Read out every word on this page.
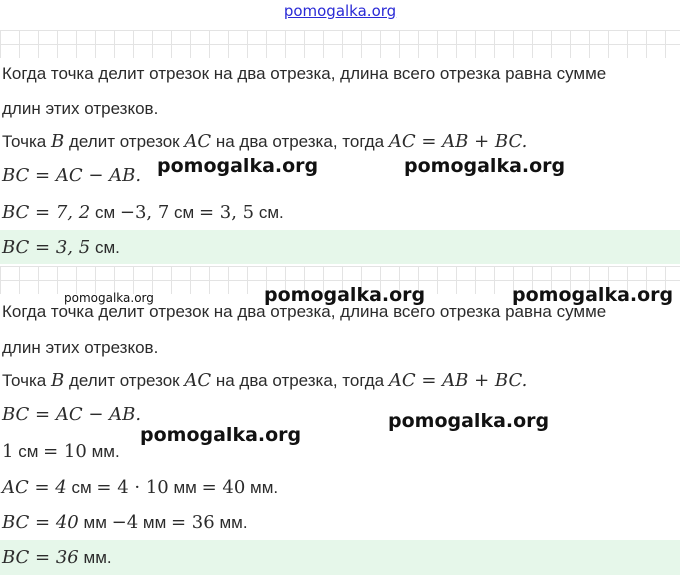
pomogalka.org
Когда точка делит отрезок на два отрезка, длина всего отрезка равна сумме
длин этих отрезков.
Точка B делит отрезок AC на два отрезка, тогда AC = AB + BC.
BC = AC − AB.
BC = 7, 2 см −3, 7 см = 3, 5 см.
BC = 3, 5 см.
Когда точка делит отрезок на два отрезка, длина всего отрезка равна сумме
длин этих отрезков.
Точка B делит отрезок AC на два отрезка, тогда AC = AB + BC.
BC = AC − AB.
1 см = 10 мм.
AC = 4 см = 4 · 10 мм = 40 мм.
BC = 40 мм −4 мм = 36 мм.
BC = 36 мм.
pomogalka.org	pomogalka.org
pomogalka.org	pomogalka.org	pomogalka.org
pomogalka.org
pomogalka.org
